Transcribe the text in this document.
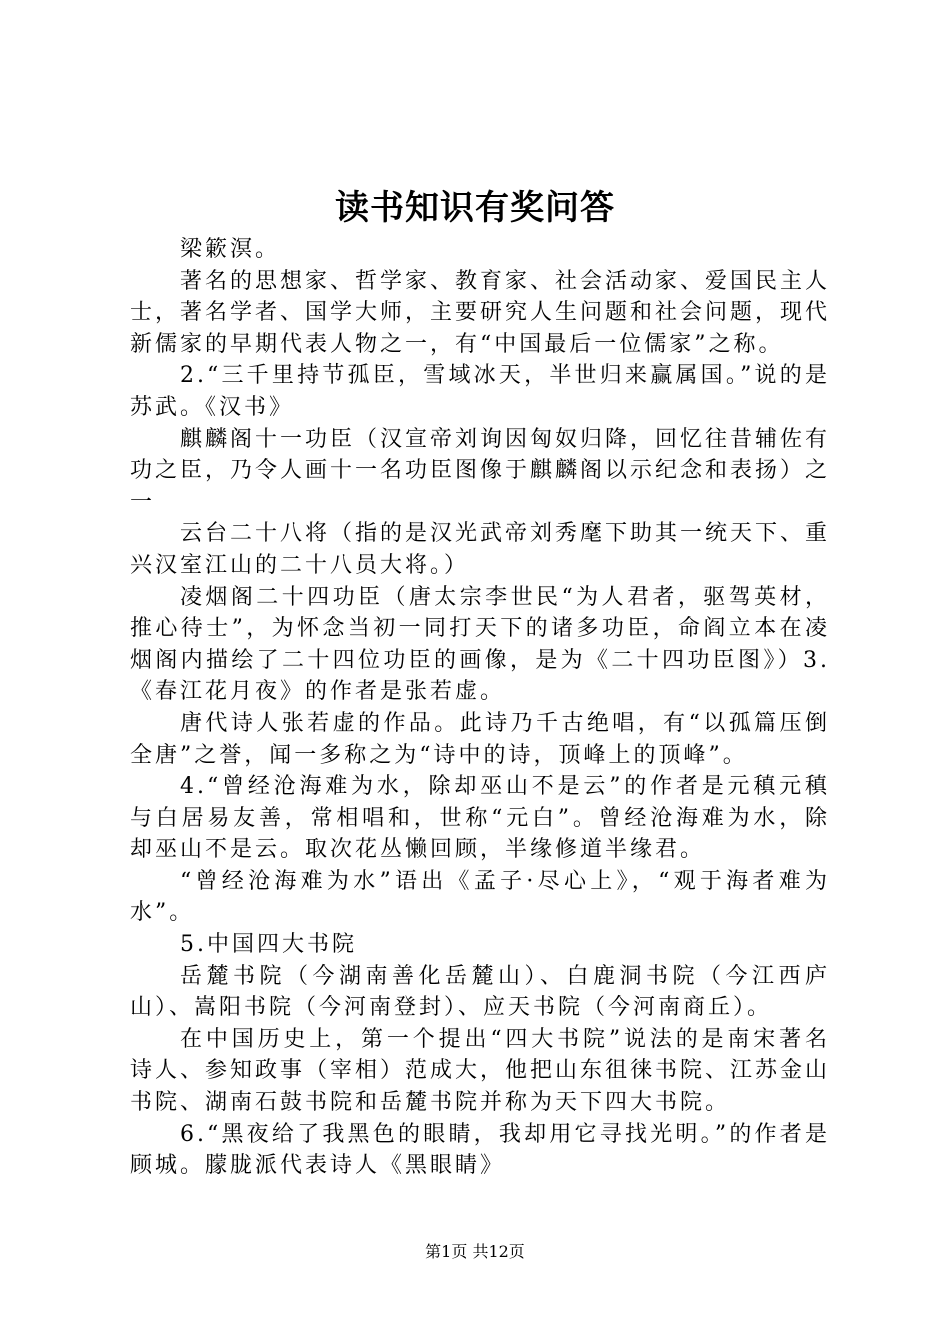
读书知识有奖问答

梁簌溟。

著名的思想家、哲学家、教育家、社会活动家、爱国民主人士，著名学者、国学大师，主要研究人生问题和社会问题，现代新儒家的早期代表人物之一，有“中国最后一位儒家”之称。

2.“三千里持节孤臣，雪域冰天，半世归来赢属国。”说的是苏武。《汉书》

麒麟阁十一功臣（汉宣帝刘询因匈奴归降，回忆往昔辅佐有功之臣，乃令人画十一名功臣图像于麒麟阁以示纪念和表扬）之一

云台二十八将（指的是汉光武帝刘秀麾下助其一统天下、重兴汉室江山的二十八员大将。）

凌烟阁二十四功臣（唐太宗李世民“为人君者，驱驾英材，推心待士”，为怀念当初一同打天下的诸多功臣，命阎立本在凌烟阁内描绘了二十四位功臣的画像，是为《二十四功臣图》）3.《春江花月夜》的作者是张若虚。

唐代诗人张若虚的作品。此诗乃千古绝唱，有“以孤篇压倒全唐”之誉，闻一多称之为“诗中的诗，顶峰上的顶峰”。

4.“曾经沧海难为水，除却巫山不是云”的作者是元稹元稹与白居易友善，常相唱和，世称“元白”。曾经沧海难为水，除却巫山不是云。取次花丛懒回顾，半缘修道半缘君。

“曾经沧海难为水”语出《孟子·尽心上》，“观于海者难为水”。

5.中国四大书院

岳麓书院（今湖南善化岳麓山）、白鹿洞书院（今江西庐山）、嵩阳书院（今河南登封）、应天书院（今河南商丘）。

在中国历史上，第一个提出“四大书院”说法的是南宋著名诗人、参知政事（宰相）范成大，他把山东徂徕书院、江苏金山书院、湖南石鼓书院和岳麓书院并称为天下四大书院。

6.“黑夜给了我黑色的眼睛，我却用它寻找光明。”的作者是顾城。朦胧派代表诗人《黑眼睛》

第1页 共12页
